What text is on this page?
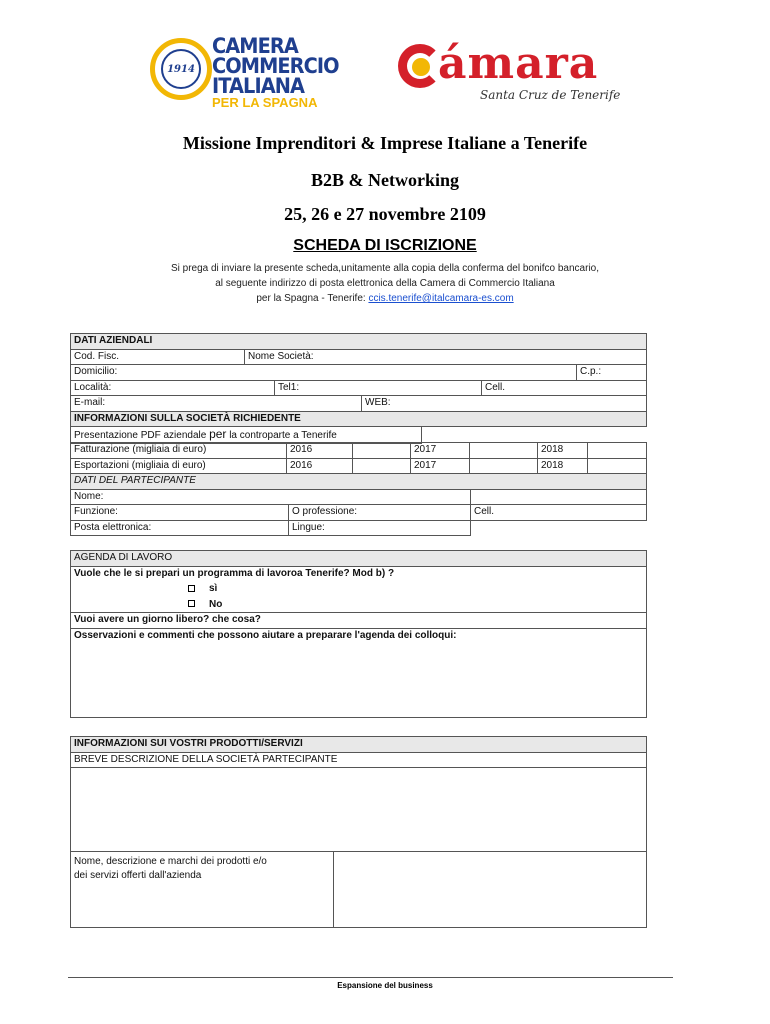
1914
CAMERA
COMMERCIO
ITALIANA
PER LA SPAGNA
ámara
Santa Cruz de Tenerife
Missione Imprenditori & Imprese Italiane a Tenerife
B2B & Networking
25, 26 e 27 novembre 2109
SCHEDA DI ISCRIZIONE
Si prega di inviare la presente scheda,unitamente alla copia della conferma del bonifco bancario,
al seguente indirizzo di posta elettronica della Camera di Commercio Italiana
per la Spagna - Tenerife: ccis.tenerife@italcamara-es.com
DATI AZIENDALI						
Cod. Fisc.	Nome Società:					
Domicilio:						C.p.:
Località:		Tel1:			Cell.	
E-mail:			WEB:			
INFORMAZIONI SULLA SOCIETÀ RICHIEDENTE						
Presentazione PDF aziendale per la controparte a Tenerife						
Fatturazione (migliaia di euro)	2016		2017		2018	
Esportazioni (migliaia di euro)	2016		2017		2018	
DATI DEL PARTECIPANTE		
Nome:		
Funzione:	O professione:	Cell.
Posta elettronica:	Lingue:	
AGENDA DI LAVORO
Vuole che le si prepari un programma di lavoroa Tenerife? Mod b) ?
sì
No
Vuoi avere un giorno libero? che cosa?
Osservazioni e commenti che possono aiutare a preparare l'agenda dei colloqui:
INFORMAZIONI SUI VOSTRI PRODOTTI/SERVIZI
BREVE DESCRIZIONE DELLA SOCIETÀ PARTECIPANTE

Nome, descrizione e marchi dei prodotti e/o
dei servizi offerti dall'azienda

Espansione del business
